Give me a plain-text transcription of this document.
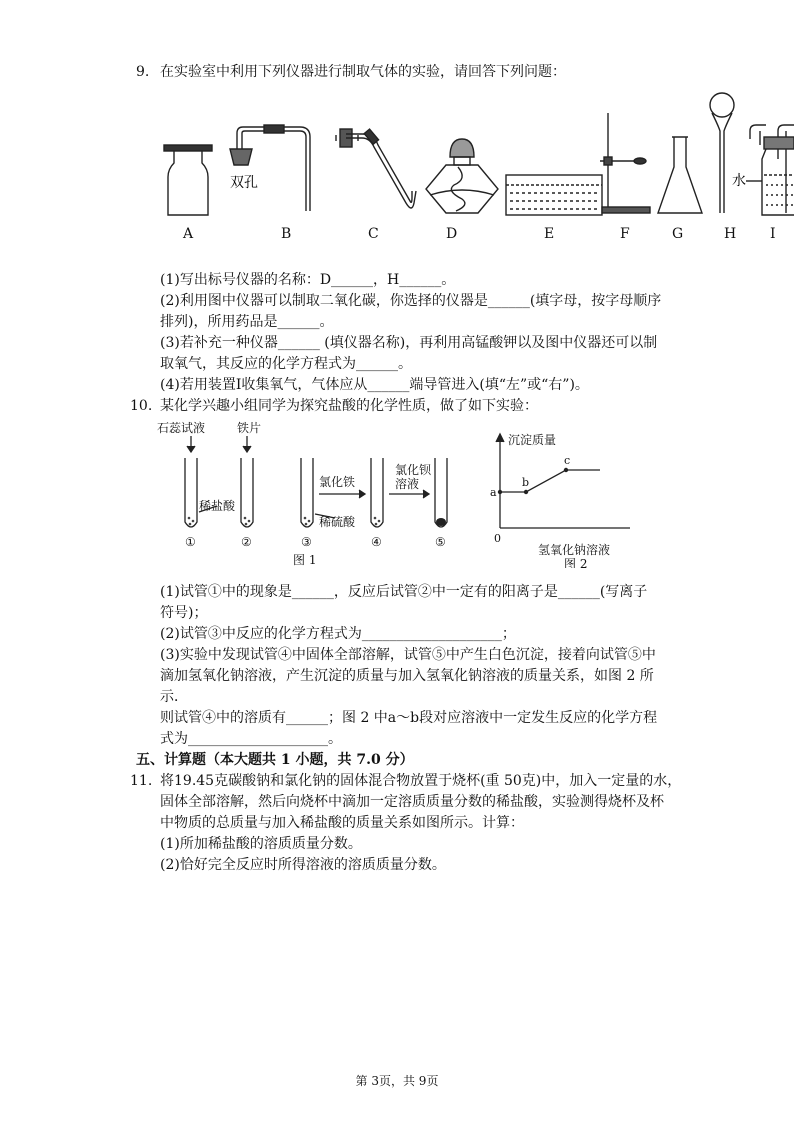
9. 在实验室中利用下列仪器进行制取气体的实验，请回答下列问题：
双孔	水
A	B	C	D	E	F	G	H I
(1)写出标号仪器的名称：D______，H______。
(2)利用图中仪器可以制取二氧化碳，你选择的仪器是______(填字母，按字母顺序
排列)，所用药品是______。
(3)若补充一种仪器______ (填仪器名称)，再利用高锰酸钾以及图中仪器还可以制
取氧气，其反应的化学方程式为______。
(4)若用装置Ⅰ收集氧气，气体应从______端导管进入(填“左”或“右”)。
10. 某化学兴趣小组同学为探究盐酸的化学性质，做了如下实验：
石蕊试液	铁片
稀盐酸
氯化铁
氯化钡
溶液
稀硫酸
①	②	③	④	⑤
图 1
沉淀质量
a
b
c
0
氢氧化钠溶液
图 2
(1)试管①中的现象是______，反应后试管②中一定有的阳离子是______(写离子
符号)；
(2)试管③中反应的化学方程式为____________________；
(3)实验中发现试管④中固体全部溶解，试管⑤中产生白色沉淀，接着向试管⑤中
滴加氢氧化钠溶液，产生沉淀的质量与加入氢氧化钠溶液的质量关系，如图 2 所
示．
则试管④中的溶质有______；图 2 中a～b段对应溶液中一定发生反应的化学方程
式为____________________。
五、计算题（本大题共 1 小题，共 7.0 分）
11. 将19.45克碳酸钠和氯化钠的固体混合物放置于烧杯(重 50克)中，加入一定量的水，
固体全部溶解，然后向烧杯中滴加一定溶质质量分数的稀盐酸，实验测得烧杯及杯
中物质的总质量与加入稀盐酸的质量关系如图所示。计算：
(1)所加稀盐酸的溶质质量分数。
(2)恰好完全反应时所得溶液的溶质质量分数。
第 3页，共 9页
